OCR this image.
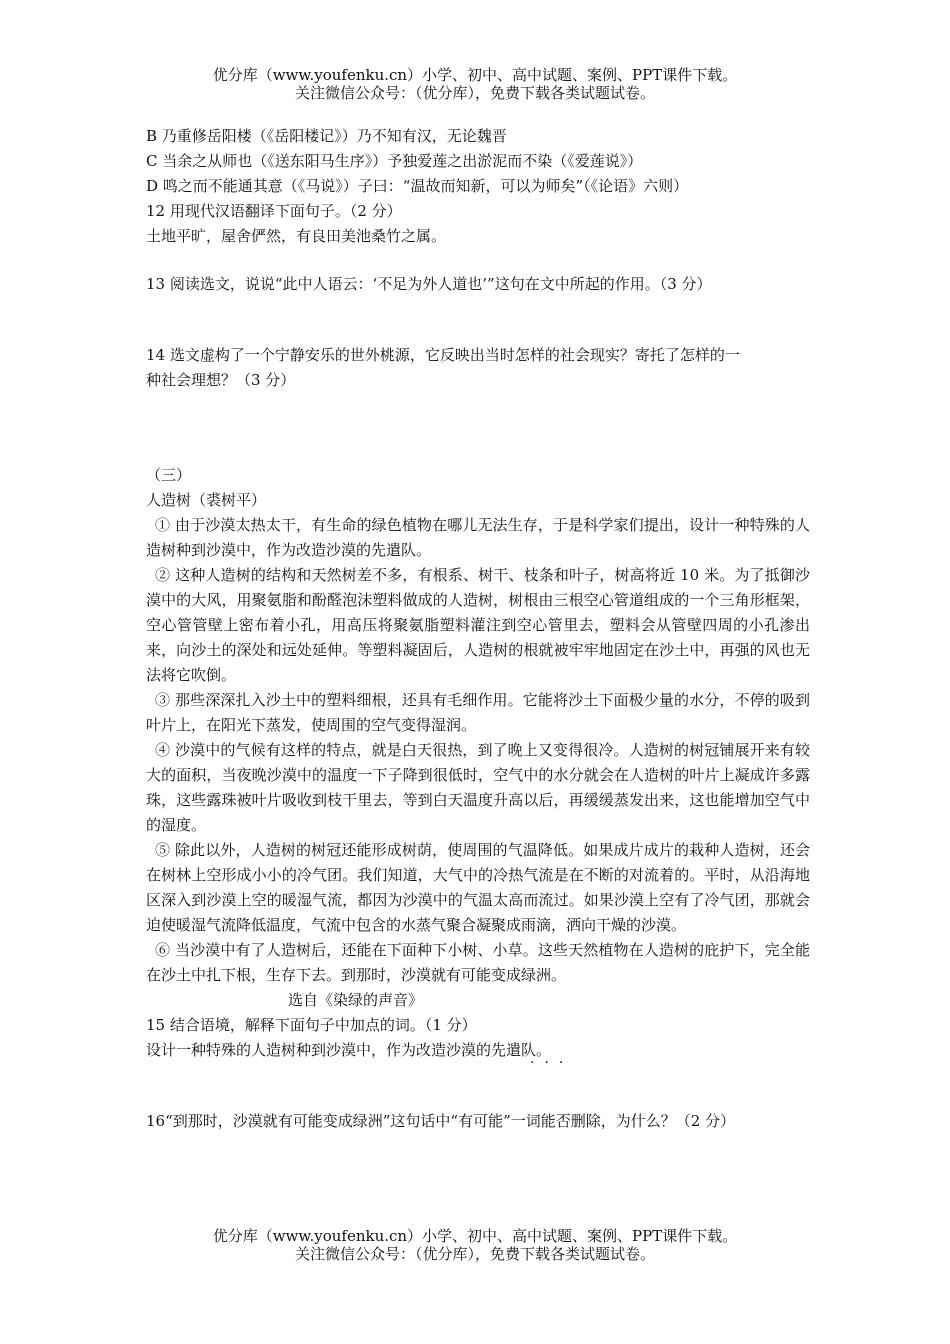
优分库（www.youfenku.cn）小学、初中、高中试题、案例、PPT课件下载。
关注微信公众号：（优分库），免费下载各类试题试卷。
B 乃重修岳阳楼（《岳阳楼记》）乃不知有汉，无论魏晋
C 当余之从师也（《送东阳马生序》）予独爱莲之出淤泥而不染（《爱莲说》）
D 鸣之而不能通其意（《马说》）子曰：“温故而知新，可以为师矣”（《论语》六则）
12 用现代汉语翻译下面句子。（2 分）
土地平旷，屋舍俨然，有良田美池桑竹之属。
13 阅读选文，说说“此中人语云：‘不足为外人道也’”这句在文中所起的作用。（3 分）
14 选文虚构了一个宁静安乐的世外桃源，它反映出当时怎样的社会现实？寄托了怎样的一
种社会理想？（3 分）
（三）
人造树（裘树平）
① 由于沙漠太热太干，有生命的绿色植物在哪儿无法生存，于是科学家们提出，设计一种特殊的人造树种到沙漠中，作为改造沙漠的先遣队。
② 这种人造树的结构和天然树差不多，有根系、树干、枝条和叶子，树高将近 10 米。为了抵御沙漠中的大风，用聚氨脂和酚醛泡沫塑料做成的人造树，树根由三根空心管道组成的一个三角形框架，空心管管壁上密布着小孔，用高压将聚氨脂塑料灌注到空心管里去，塑料会从管壁四周的小孔渗出来，向沙土的深处和远处延伸。等塑料凝固后，人造树的根就被牢牢地固定在沙土中，再强的风也无法将它吹倒。
③ 那些深深扎入沙土中的塑料细根，还具有毛细作用。它能将沙土下面极少量的水分，不停的吸到叶片上，在阳光下蒸发，使周围的空气变得湿润。
④ 沙漠中的气候有这样的特点，就是白天很热，到了晚上又变得很冷。人造树的树冠铺展开来有较大的面积，当夜晚沙漠中的温度一下子降到很低时，空气中的水分就会在人造树的叶片上凝成许多露珠，这些露珠被叶片吸收到枝干里去，等到白天温度升高以后，再缓缓蒸发出来，这也能增加空气中的湿度。
⑤ 除此以外，人造树的树冠还能形成树荫，使周围的气温降低。如果成片成片的栽种人造树，还会在树林上空形成小小的冷气团。我们知道，大气中的冷热气流是在不断的对流着的。平时，从沿海地区深入到沙漠上空的暖湿气流，都因为沙漠中的气温太高而流过。如果沙漠上空有了冷气团，那就会迫使暖湿气流降低温度，气流中包含的水蒸气聚合凝聚成雨滴，洒向干燥的沙漠。
⑥ 当沙漠中有了人造树后，还能在下面种下小树、小草。这些天然植物在人造树的庇护下，完全能在沙土中扎下根，生存下去。到那时，沙漠就有可能变成绿洲。
选自《染绿的声音》
15 结合语境，解释下面句子中加点的词。（1 分）
设计一种特殊的人造树种到沙漠中，作为改造沙漠的先遣队。
···
16“到那时，沙漠就有可能变成绿洲”这句话中“有可能”一词能否删除，为什么？（2 分）
优分库（www.youfenku.cn）小学、初中、高中试题、案例、PPT课件下载。
关注微信公众号：（优分库），免费下载各类试题试卷。
